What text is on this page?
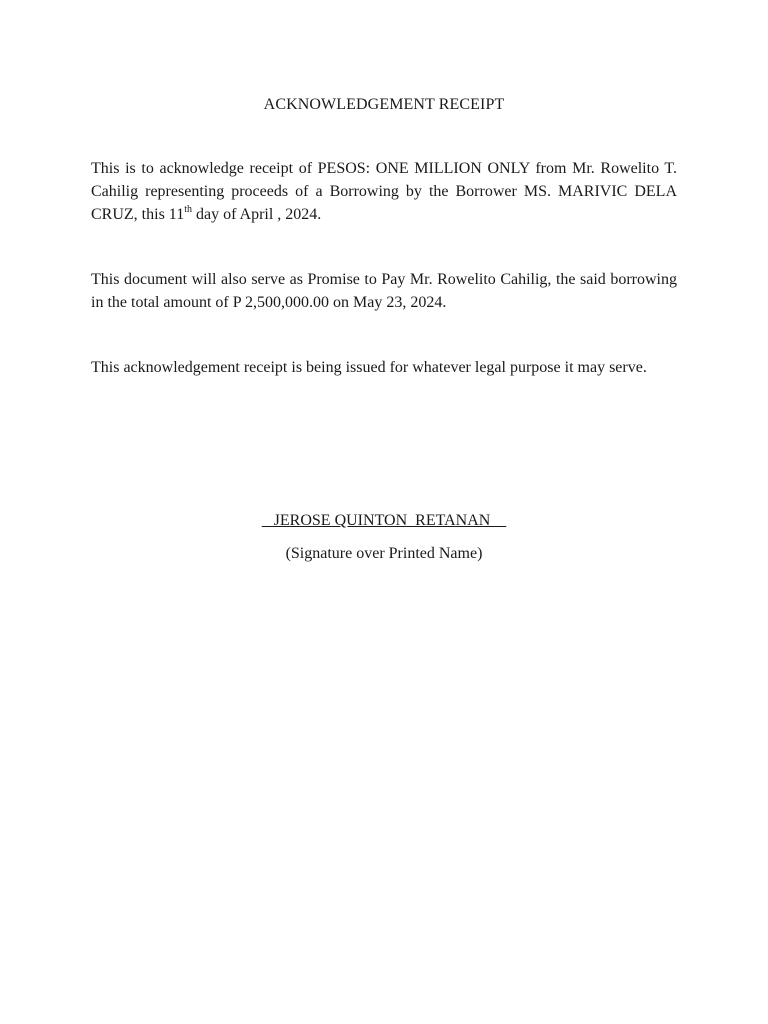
ACKNOWLEDGEMENT RECEIPT

This is to acknowledge receipt of PESOS: ONE MILLION ONLY from Mr. Rowelito T. Cahilig representing proceeds of a Borrowing by the Borrower MS. MARIVIC DELA CRUZ, this 11th day of April , 2024.

This document will also serve as Promise to Pay Mr. Rowelito Cahilig, the said borrowing in the total amount of P 2,500,000.00 on May 23, 2024.

This acknowledgement receipt is being issued for whatever legal purpose it may serve.

JEROSE QUINTON  RETANAN
(Signature over Printed Name)
